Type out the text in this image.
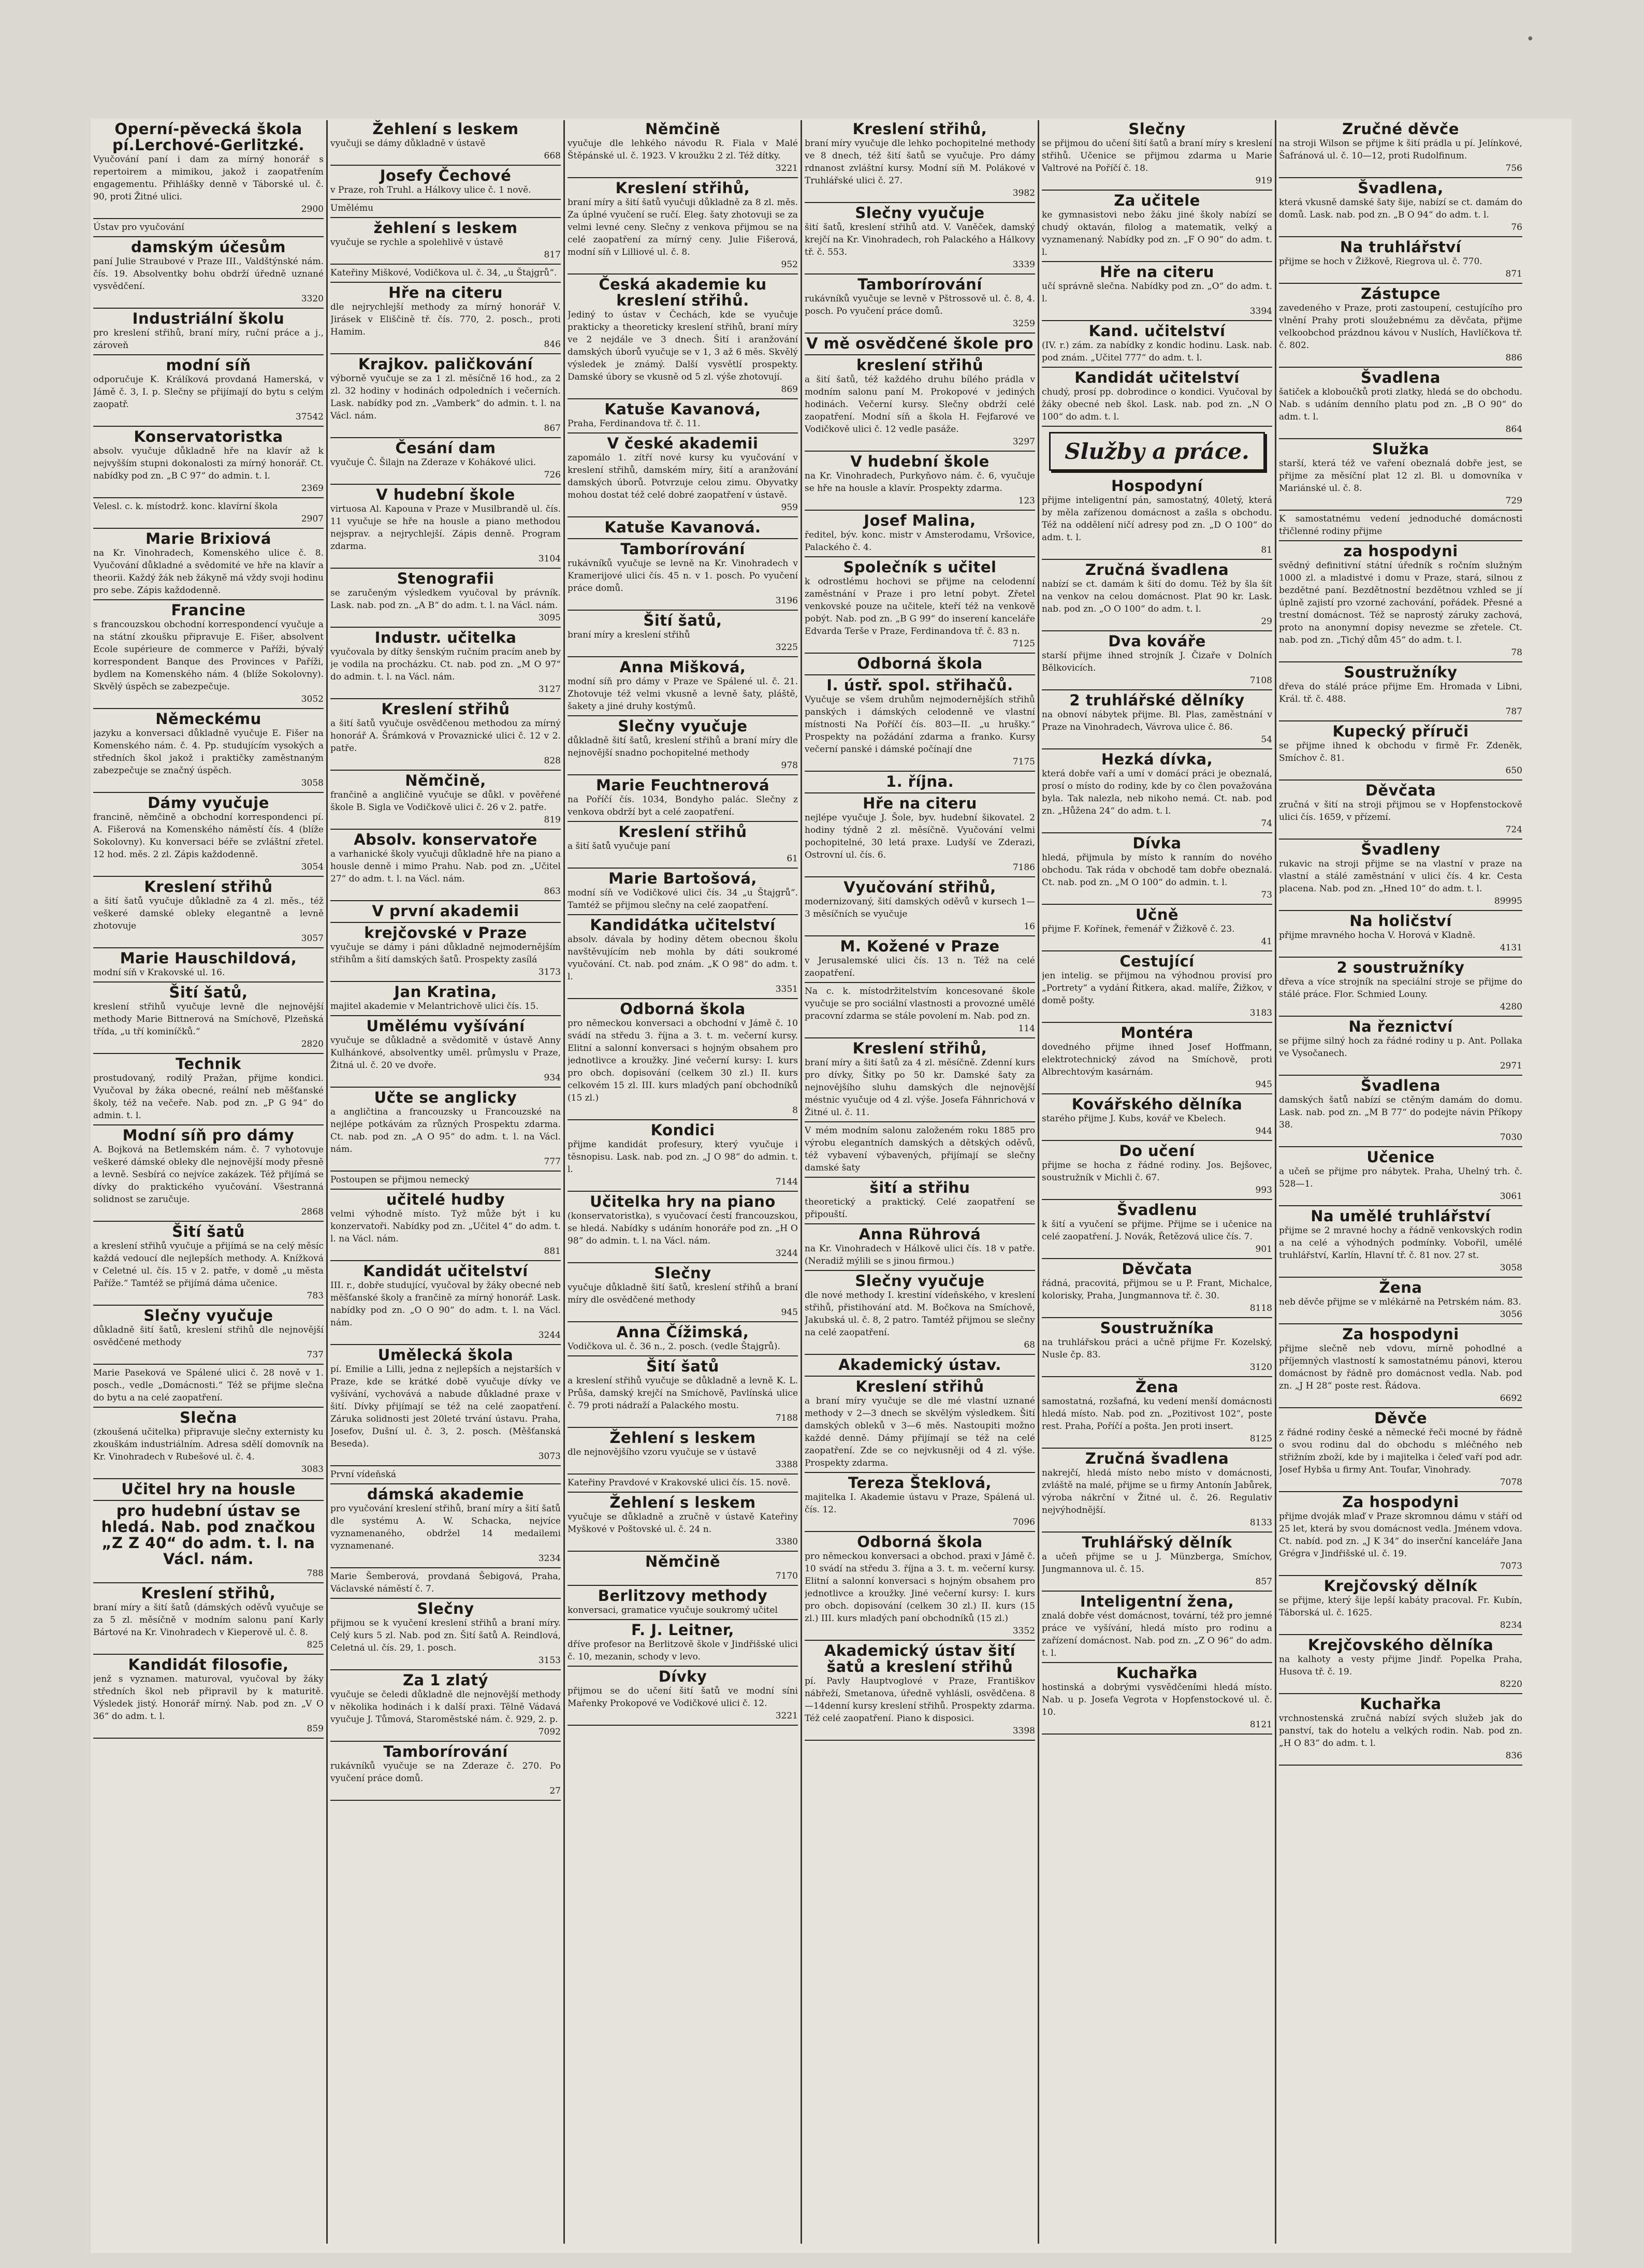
·
Operní-pěvecká škola pí.Lerchové-Gerlitzké.

Vyučování paní i dam za mírný honorář s repertoirem a mimikou, jakož i zaopatřením engagementu. Přihlášky denně v Táborské ul. č. 90, proti Žitné ulici.

2900

Ústav pro vyučování

damským účesům

paní Julie Straubové v Praze III., Valdštýnské nám. čís. 19. Absolventky bohu obdrží úředně uznané vysvědčení.

3320

Industriální školu

pro kreslení střihů, braní míry, ruční práce a j., zároveň

modní síň

odporučuje K. Králíková provdaná Hamerská, v Jámě č. 3, I. p. Slečny se přijímají do bytu s celým zaopatř.

37542

Konservatoristka

absolv. vyučuje důkladně hře na klavír až k nejvyšším stupni dokonalosti za mírný honorář. Ct. nabídky pod zn. „B C 97“ do admin. t. l.

2369

Velesl. c. k. místodrž. konc. klavírní škola

2907

Marie Brixiová

na Kr. Vinohradech, Komenského ulice č. 8. Vyučování důkladné a svědomité ve hře na klavír a theorii. Každý žák neb žákyně má vždy svoji hodinu pro sebe. Zápis každodenně.

Francine

s francouzskou obchodní korrespondencí vyučuje a na státní zkoušku připravuje E. Fišer, absolvent Ecole supérieure de commerce v Paříži, bývalý korrespondent Banque des Provinces v Paříži, bydlem na Komenského nám. 4 (blíže Sokolovny). Skvělý úspěch se zabezpečuje.

3052

Německému

jazyku a konversaci důkladně vyučuje E. Fišer na Komenského nám. č. 4. Pp. studujícím vysokých a středních škol jakož i praktičky zaměstnaným zabezpečuje se značný úspěch.

3058

Dámy vyučuje

francině, němčině a obchodní korrespondenci pí. A. Fišerová na Komenského náměstí čís. 4 (blíže Sokolovny). Ku konversaci béře se zvláštní zřetel. 12 hod. měs. 2 zl. Zápis každodenně.

3054

Kreslení střihů

a šití šatů vyučuje důkladně za 4 zl. měs., též veškeré damské obleky elegantně a levně zhotovuje

3057

Marie Hauschildová,

modní síň v Krakovské ul. 16.

Šití šatů,

kreslení střihů vyučuje levně dle nejnovější methody Marie Bittnerová na Smíchově, Plzeňská třída, „u tří kominíčků.“

2820

Technik

prostudovaný, rodilý Pražan, přijme kondici. Vyučoval by žáka obecné, reální neb měšťanské školy, též na večeře. Nab. pod zn. „P G 94“ do admin. t. l.

Modní síň pro dámy

A. Bojková na Betlemském nám. č. 7 vyhotovuje veškeré dámské obleky dle nejnovější mody přesně a levně. Sesbírá co nejvíce zakázek. Též přijímá se dívky do praktického vyučování. Všestranná solidnost se zaručuje.

2868

Šití šatů

a kreslení střihů vyučuje a přijímá se na celý měsíc každá vedoucí dle nejlepších methody. A. Knížková v Celetné ul. čís. 15 v 2. patře, v domě „u města Paříže.“ Tamtéž se přijímá dáma učenice.

783

Slečny vyučuje

důkladně šití šatů, kreslení střihů dle nejnovější osvědčené methody

737

Marie Paseková ve Spálené ulici č. 28 nově v 1. posch., vedle „Domácnosti.“ Též se přijme slečna do bytu a na celé zaopatření.

Slečna

(zkoušená učitelka) připravuje slečny externisty ku zkouškám industriálním. Adresa sdělí domovník na Kr. Vinohradech v Rubešové ul. č. 4.

3083

Učitel hry na housle
pro hudební ústav se hledá. Nab. pod značkou „Z Z 40“ do adm. t. l. na Václ. nám.

788

Kreslení střihů,

braní míry a šití šatů (dámských oděvů vyučuje se za 5 zl. měsíčně v modním salonu paní Karly Bártové na Kr. Vinohradech v Kieperově ul. č. 8.

825

Kandidát filosofie,

jenž s vyznamen. maturoval, vyučoval by žáky středních škol neb připravil by k maturitě. Výsledek jistý. Honorář mírný. Nab. pod zn. „V O 36“ do adm. t. l.

859

Žehlení s leskem

vyučuji se dámy důkladně v ústavě

668

Josefy Čechové

v Praze, roh Truhl. a Hálkovy ulice č. 1 nově.

Umělému

žehlení s leskem

vyučuje se rychle a spolehlivě v ústavě

817

Kateřiny Miškové, Vodičkova ul. č. 34, „u Štajgrů“.

Hře na citeru

dle nejrychlejší methody za mírný honorář V. Jirásek v Eliščině tř. čís. 770, 2. posch., proti Hamim.

846

Krajkov. paličkování

výborně vyučuje se za 1 zl. měsíčně 16 hod., za 2 zl. 32 hodiny v hodinách odpoledních i večerních. Lask. nabídky pod zn. „Vamberk“ do admin. t. l. na Václ. nám.

867

Česání dam

vyučuje Č. Šilajn na Zderaze v Kohákové ulici.

726

V hudební škole

virtuosa Al. Kapouna v Praze v Musilbrandě ul. čís. 11 vyučuje se hře na housle a piano methodou nejsprav. a nejrychlejší. Zápis denně. Program zdarma.

3104

Stenografii

se zaručeným výsledkem vyučoval by právník. Lask. nab. pod zn. „A B“ do adm. t. l. na Václ. nám.

3095

Industr. učitelka

vyučovala by dítky šenským ručním pracím aneb by je vodila na procházku. Ct. nab. pod zn. „M O 97“ do admin. t. l. na Václ. nám.

3127

Kreslení střihů

a šití šatů vyučuje osvědčenou methodou za mírný honorář A. Šrámková v Provaznické ulici č. 12 v 2. patře.

828

Němčině,

frančině a angličině vyučuje se důkl. v pověřené škole B. Sigla ve Vodičkově ulici č. 26 v 2. patře.

819

Absolv. konservatoře

a varhanické školy vyučuji důkladně hře na piano a housle denně i mimo Prahu. Nab. pod zn. „Učitel 27“ do adm. t. l. na Václ. nám.

863

V první akademii
krejčovské v Praze

vyučuje se dámy i páni důkladně nejmodernějším střihům a šití damských šatů. Prospekty zasílá

3173

Jan Kratina,

majitel akademie v Melantrichově ulici čís. 15.

Umělému vyšívání

vyučuje se důkladně a svědomitě v ústavě Anny Kulhánkové, absolventky uměl. průmyslu v Praze, Žitná ul. č. 20 ve dvoře.

934

Učte se anglicky

a angličtina a francouzsky u Francouzské na nejlépe potkávám za různých Prospektu zdarma. Ct. nab. pod zn. „A O 95“ do adm. t. l. na Václ. nám.

777

Postoupen se přijmou nemecký

učitelé hudby

velmi výhodně místo. Tyž může být i ku konzervatoři. Nabídky pod zn. „Učitel 4“ do adm. t. l. na Václ. nám.

881

Kandidát učitelství

III. r., dobře studující, vyučoval by žáky obecné neb měšťanské školy a frančině za mírný honorář. Lask. nabídky pod zn. „O O 90“ do adm. t. l. na Václ. nám.

3244

Umělecká škola

pí. Emilie a Lilli, jedna z nejlepších a nejstarších v Praze, kde se krátké době vyučuje dívky ve vyšívání, vychovává a nabude důkladné praxe v šití. Dívky přijímají se též na celé zaopatření. Záruka solidnosti jest 20leté trvání ústavu. Praha, Josefov, Dušní ul. č. 3, 2. posch. (Měšťanská Beseda).

3073

První vídeňská

dámská akademie

pro vyučování kreslení střihů, braní míry a šití šatů dle systému A. W. Schacka, nejvíce vyznamenaného, obdržel 14 medailemi vyznamenané.

3234

Marie Šemberová, provdaná Šebigová, Praha, Václavské náměstí č. 7.

Slečny

přijmou se k vyučení kreslení střihů a braní míry. Celý kurs 5 zl. Nab. pod zn. Šití šatů A. Reindlová, Celetná ul. čís. 29, 1. posch.

3153

Za 1 zlatý

vyučuje se čeledi důkladně dle nejnovější methody v několika hodinách i k další praxi. Tělně Vádavá vyučuje J. Tůmová, Staroměstské nám. č. 929, 2. p.

7092

Tamborírování

rukávníků vyučuje se na Zderaze č. 270. Po vyučení práce domů.

27

Němčině

vyučuje dle lehkého návodu R. Fiala v Malé Štěpánské ul. č. 1923. V kroužku 2 zl. Též dítky.

3221

Kreslení střihů,

braní míry a šití šatů vyučuji důkladně za 8 zl. měs. Za úplné vyučení se ručí. Eleg. šaty zhotovuji se za velmi levné ceny. Slečny z venkova přijmou se na celé zaopatření za mírný ceny. Julie Fišerová, modní síň v Lilliové ul. č. 8.

952

Česká akademie ku kreslení střihů.

Jediný to ústav v Čechách, kde se vyučuje prakticky a theoreticky kreslení střihů, braní míry ve 2 nejdále ve 3 dnech. Šití i aranžování damských úborů vyučuje se v 1, 3 až 6 měs. Skvělý výsledek je známý. Další vysvětlí prospekty. Damské úbory se vkusně od 5 zl. výše zhotovují.

869

Katuše Kavanová,

Praha, Ferdinandova tř. č. 11.

V české akademii

zapomálo 1. zítří nové kursy ku vyučování v kreslení střihů, damském míry, šití a aranžování damských úborů. Potvrzuje celou zimu. Obyvatky mohou dostat též celé dobré zaopatření v ústavě.

959

Katuše Kavanová.
Tamborírování

rukávníků vyučuje se levně na Kr. Vinohradech v Kramerijové ulici čís. 45 n. v 1. posch. Po vyučení práce domů.

3196

Šití šatů,

braní míry a kreslení střihů

3225

Anna Mišková,

modní síň pro dámy v Praze ve Spálené ul. č. 21. Zhotovuje též velmi vkusně a levně šaty, pláště, šakety a jiné druhy kostýmů.

Slečny vyučuje

důkladně šití šatů, kreslení střihů a braní míry dle nejnovější snadno pochopitelné methody

978

Marie Feuchtnerová

na Poříčí čís. 1034, Bondyho palác. Slečny z venkova obdrží byt a celé zaopatření.

Kreslení střihů

a šití šatů vyučuje paní

61

Marie Bartošová,

modní síň ve Vodičkové ulici čís. 34 „u Štajgrů“. Tamtéž se přijmou slečny na celé zaopatření.

Kandidátka učitelství

absolv. dávala by hodiny dětem obecnou školu navštěvujícím neb mohla by dáti soukromé vyučování. Ct. nab. pod znám. „K O 98“ do adm. t. l.

3351

Odborná škola

pro německou konversaci a obchodní v Jámě č. 10 svádí na středu 3. října a 3. t. m. večerní kursy. Elitní a salonní konversaci s hojným obsahem pro jednotlivce a kroužky. Jiné večerní kursy: I. kurs pro obch. dopisování (celkem 30 zl.) II. kurs celkovém 15 zl. III. kurs mladých paní obchodníků (15 zl.)

8

Kondici

přijme kandidát profesury, který vyučuje i těsnopisu. Lask. nab. pod zn. „J O 98“ do admin. t. l.

7144

Učitelka hry na piano

(konservatoristka), s vyučovací čestí francouzskou, se hledá. Nabídky s udáním honoráře pod zn. „H O 98“ do admin. t. l. na Václ. nám.

3244

Slečny

vyučuje důkladně šití šatů, kreslení střihů a braní míry dle osvědčené methody

945

Anna Čížimská,

Vodičkova ul. č. 36 n., 2. posch. (vedle Štajgrů).

Šití šatů

a kreslení střihů vyučuje se důkladně a levně K. L. Průša, damský krejčí na Smíchově, Pavlínská ulice č. 79 proti nádraží a Palackého mostu.

7188

Žehlení s leskem

dle nejnovějšího vzoru vyučuje se v ústavě

3388

Kateřiny Pravdové v Krakovské ulici čís. 15. nově.

Žehlení s leskem

vyučuje se důkladně a zručně v ústavě Kateřiny Myškové v Poštovské ul. č. 24 n.

3380

Němčině

7170

Berlitzovy methody

konversaci, gramatice vyučuje soukromý učitel

F. J. Leitner,

dříve profesor na Berlitzově škole v Jindřišské ulici č. 10, mezanin, schody v levo.

Dívky

přijmou se do učení šití šatů ve modní síni Mařenky Prokopové ve Vodičkové ulici č. 12.

3221

Kreslení střihů,

braní míry vyučuje dle lehko pochopitelné methody ve 8 dnech, též šití šatů se vyučuje. Pro dámy rdnanost zvláštní kursy. Modní síň M. Polákové v Truhlářské ulici č. 27.

3982

Slečny vyučuje

šití šatů, kreslení střihů atd. V. Vaněček, damský krejčí na Kr. Vinohradech, roh Palackého a Hálkovy tř. č. 553.

3339

Tamborírování

rukávníků vyučuje se levně v Pštrossově ul. č. 8, 4. posch. Po vyučení práce domů.

3259

V mě osvědčené škole pro
kreslení střihů

a šití šatů, též každého druhu bílého prádla v modním salonu paní M. Prokopové v jediných hodinách. Večerní kursy. Slečny obdrží celé zaopatření. Modní síň a škola H. Fejfarové ve Vodičkově ulici č. 12 vedle pasáže.

3297

V hudební škole

na Kr. Vinohradech, Purkyňovo nám. č. 6, vyučuje se hře na housle a klavír. Prospekty zdarma.

123

Josef Malina,

ředitel, býv. konc. mistr v Amsterodamu, Vršovice, Palackého č. 4.

Společník s učitel

k odrostlému hochovi se přijme na celodenní zaměstnání v Praze i pro letní pobyt. Zřetel venkovské pouze na učitele, kteří též na venkově pobýt. Nab. pod zn. „B G 99“ do inserení kanceláře Edvarda Terše v Praze, Ferdinandova tř. č. 83 n.

7125

Odborná škola
I. ústř. spol. střihačů.

Vyučuje se všem druhům nejmodernějších střihů panských i dámských celodenně ve vlastní místnosti Na Poříčí čís. 803—II. „u hrušky.“ Prospekty na požádání zdarma a franko. Kursy večerní panské i dámské počínají dne

7175

1. října.
Hře na citeru

nejlépe vyučuje J. Šole, byv. hudební šikovatel. 2 hodiny týdně 2 zl. měsíčně. Vyučování velmi pochopitelné, 30 letá praxe. Ludyší ve Zderazi, Ostrovní ul. čís. 6.

7186

Vyučování střihů,

modernizovaný, šití damských oděvů v kursech 1—3 měsíčních se vyučuje

16

M. Kožené v Praze

v Jerusalemské ulici čís. 13 n. Též na celé zaopatření.

Na c. k. místodržitelstvím koncesované škole vyučuje se pro sociální vlastnosti a provozné umělé pracovní zdarma se stále povolení m. Nab. pod zn.

114

Kreslení střihů,

braní míry a šití šatů za 4 zl. měsíčně. Zdenní kurs pro dívky, Šitky po 50 kr. Damské šaty za nejnovějšího sluhu damských dle nejnovější méstnic vyučuje od 4 zl. výše. Josefa Fáhnrichová v Žitné ul. č. 11.

V mém modním salonu založeném roku 1885 pro výrobu elegantních damských a dětských oděvů, též vybavení výbavených, přijímají se slečny damské šaty

šití a střihu

theoretický a praktický. Celé zaopatření se připouští.

Anna Rührová

na Kr. Vinohradech v Hálkově ulici čís. 18 v patře. (Neradiž mýlili se s jinou firmou.)

Slečny vyučuje

dle nové methody I. krestiní vídeňského, v kreslení střihů, přistihování atd. M. Bočkova na Smíchově, Jakubská ul. č. 8, 2 patro. Tamtéž přijmou se slečny na celé zaopatření.

68

Akademický ústav.
Kreslení střihů

a braní míry vyučuje se dle mé vlastní uznané methody v 2—3 dnech se skvělým výsledkem. Šití damských obleků v 3—6 měs. Nastoupiti možno každé denně. Dámy přijímají se též na celé zaopatření. Zde se co nejvkusněji od 4 zl. výše. Prospekty zdarma.

Tereza Šteklová,

majitelka I. Akademie ústavu v Praze, Spálená ul. čís. 12.

7096

Odborná škola

pro německou konversaci a obchod. praxi v Jámě č. 10 svádí na středu 3. října a 3. t. m. večerní kursy. Elitní a salonní konversaci s hojným obsahem pro jednotlivce a kroužky. Jiné večerní kursy: I. kurs pro obch. dopisování (celkem 30 zl.) II. kurs (15 zl.) III. kurs mladých paní obchodníků (15 zl.)

3352

Akademický ústav šití šatů a kreslení střihů

pí. Pavly Hauptvoglové v Praze, Františkov nábřeží, Smetanova, úředně vyhlásli, osvědčena. 8—14denní kursy kreslení střihů. Prospekty zdarma. Též celé zaopatření. Piano k disposici.

3398

Slečny

se přijmou do učení šití šatů a braní míry s kreslení střihů. Učenice se přijmou zdarma u Marie Valtrové na Poříčí č. 18.

919

Za učitele

ke gymnasistovi nebo žáku jiné školy nabízí se chudý oktaván, filolog a matematik, velký a vyznamenaný. Nabídky pod zn. „F O 90“ do adm. t. l.

Hře na citeru

učí správně slečna. Nabídky pod zn. „O“ do adm. t. l.

3394

Kand. učitelství

(IV. r.) zám. za nabídky z kondic hodinu. Lask. nab. pod znám. „Učitel 777“ do adm. t. l.

Kandidát učitelství

chudý, prosí pp. dobrodince o kondici. Vyučoval by žáky obecné neb škol. Lask. nab. pod zn. „N O 100“ do adm. t. l.

Služby a práce.
Hospodyní

přijme inteligentní pán, samostatný, 40letý, která by měla zařízenou domácnost a zašla s obchodu. Též na oddělení ničí adresy pod zn. „D O 100“ do adm. t. l.

81

Zručná švadlena

nabízí se ct. damám k šití do domu. Též by šla šít na venkov na celou domácnost. Plat 90 kr. Lask. nab. pod zn. „O O 100“ do adm. t. l.

29

Dva kováře

starší přijme ihned strojník J. Čizaře v Dolních Bělkovicích.

7108

2 truhlářské dělníky

na obnoví nábytek přijme. Bl. Plas, zaměstnání v Praze na Vinohradech, Vávrova ulice č. 86.

54

Hezká dívka,

která dobře vaří a umí v domácí práci je obeznalá, prosí o místo do rodiny, kde by co člen považována byla. Tak nalezla, neb nikoho nemá. Ct. nab. pod zn. „Hůžena 24“ do adm. t. l.

74

Dívka

hledá, přijmula by místo k ranním do nového obchodu. Tak ráda v obchodě tam dobře obeznalá. Ct. nab. pod zn. „M O 100“ do admin. t. l.

73

Učně

přijme F. Kořínek, řemenář v Žižkově č. 23.

41

Cestující

jen intelig. se přijmou na výhodnou provisí pro „Portrety“ a vydání Řitkera, akad. malíře, Žižkov, v domě pošty.

3183

Montéra

dovedného přijme ihned Josef Hoffmann, elektrotechnický závod na Smíchově, proti Albrechtovým kasárnám.

945

Kovářského dělníka

starého přijme J. Kubs, kovář ve Kbelech.

944

Do učení

přijme se hocha z řádné rodiny. Jos. Bejšovec, soustružník v Michli č. 67.

993

Švadlenu

k šití a vyučení se přijme. Přijme se i učenice na celé zaopatření. J. Novák, Řetězová ulice čís. 7.

901

Děvčata

řádná, pracovitá, přijmou se u P. Frant, Michalce, kolorisky, Praha, Jungmannova tř. č. 30.

8118

Soustružníka

na truhlářskou práci a učně přijme Fr. Kozelský, Nusle čp. 83.

3120

Žena

samostatná, rozšafná, ku vedení menší domácnosti hledá místo. Nab. pod zn. „Pozitivost 102“, poste rest. Praha, Poříčí a pošta. Jen proti insert.

8125

Zručná švadlena

nakrejčí, hledá místo nebo místo v domácnosti, zvláště na malé, přijme se u firmy Antonín Jabůrek, výroba nákrční v Žitné ul. č. 26. Regulativ nejvýhodnější.

8133

Truhlářský dělník

a učeň přijme se u J. Münzberga, Smíchov, Jungmannova ul. č. 15.

857

Inteligentní žena,

znalá dobře vést domácnost, tovární, též pro jemné práce ve vyšívání, hledá místo pro rodinu a zařízení domácnost. Nab. pod zn. „Z O 96“ do adm. t. l.

Kuchařka

hostinská a dobrými vysvědčeními hledá místo. Nab. u p. Josefa Vegrota v Hopfenstockové ul. č. 10.

8121

Zručné děvče

na stroji Wilson se přijme k šití prádla u pí. Jelínkové, Šafránová ul. č. 10—12, proti Rudolfinum.

756

Švadlena,

která vkusně damské šaty šije, nabízí se ct. damám do domů. Lask. nab. pod zn. „B O 94“ do adm. t. l.

76

Na truhlářství

přijme se hoch v Žižkově, Riegrova ul. č. 770.

871

Zástupce

zavedeného v Praze, proti zastoupení, cestujícího pro vlnění Prahy proti sloužebnému za děvčata, přijme velkoobchod prázdnou kávou v Nuslích, Havlíčkova tř. č. 802.

886

Švadlena

šatiček a kloboučků proti zlatky, hledá se do obchodu. Nab. s udáním denního platu pod zn. „B O 90“ do adm. t. l.

864

Služka

starší, která též ve vaření obeznalá dobře jest, se přijme za měsíční plat 12 zl. Bl. u domovníka v Mariánské ul. č. 8.

729

K samostatnému vedení jednoduché domácnosti třičlenné rodiny přijme

za hospodyni

svědný definitivní státní úředník s ročním služným 1000 zl. a mladistvé i domu v Praze, stará, silnou z bezdětné paní. Bezdětnostní bezdětnou vzhled se jí úplně zajistí pro vzorné zachování, pořádek. Přesné a trestní domácnost. Též se naprostý záruky zachová, proto na anonymní dopisy nevezme se zřetele. Ct. nab. pod zn. „Tichý dům 45“ do adm. t. l.

78

Soustružníky

dřeva do stálé práce přijme Em. Hromada v Libni, Král. tř. č. 488.

787

Kupecký příruči

se přijme ihned k obchodu v firmě Fr. Zdeněk, Smíchov č. 81.

650

Děvčata

zručná v šití na stroji přijmou se v Hopfenstockově ulici čís. 1659, v přízemí.

724

Švadleny

rukavic na stroji přijme se na vlastní v praze na vlastní a stálé zaměstnání v ulici čís. 4 kr. Cesta placena. Nab. pod zn. „Hned 10“ do adm. t. l.

89995

Na holičství

přijme mravného hocha V. Horová v Kladně.

4131

2 soustružníky

dřeva a více strojník na speciální stroje se přijme do stálé práce. Flor. Schmied Louny.

4280

Na řeznictví

se přijme silný hoch za řádné rodiny u p. Ant. Pollaka ve Vysočanech.

2971

Švadlena

damských šatů nabízí se ctěným damám do domu. Lask. nab. pod zn. „M B 77“ do podejte návin Příkopy 38.

7030

Učenice

a učeň se přijme pro nábytek. Praha, Uhelný trh. č. 528—1.

3061

Na umělé truhlářství

přijme se 2 mravné hochy a řádně venkovských rodin a na celé a výhodných podmínky. Vobořil, umělé truhlářství, Karlín, Hlavní tř. č. 81 nov. 27 st.

3058

Žena

neb děvče přijme se v mlékárně na Petrském nám. 83.

3056

Za hospodyni

přijme slečně neb vdovu, mírně pohodlné a příjemných vlastností k samostatnému pánovi, kterou domácnost by řádně pro domácnost vedla. Nab. pod zn. „J H 28“ poste rest. Řádova.

6692

Děvče

z řádné rodiny české a německé řeči mocné by řádně o svou rodinu dal do obchodu s mléčného neb střižním zboží, kde by i majitelka i čeleď vaří pod adr. Josef Hybša u firmy Ant. Toufar, Vinohrady.

7078

Za hospodyni

přijme dvoják mlaď v Praze skromnou dámu v stáří od 25 let, která by svou domácnost vedla. Jménem vdova. Ct. nabíd. pod zn. „J K 34“ do inserční kanceláře Jana Grégra v Jindřišské ul. č. 19.

7073

Krejčovský dělník

se přijme, který šije lepší kabáty pracoval. Fr. Kubín, Táborská ul. č. 1625.

8234

Krejčovského dělníka

na kalhoty a vesty přijme Jindř. Popelka Praha, Husova tř. č. 19.

8220

Kuchařka

vrchnostenská zručná nabízí svých služeb jak do panství, tak do hotelu a velkých rodin. Nab. pod zn. „H O 83“ do adm. t. l.

836
